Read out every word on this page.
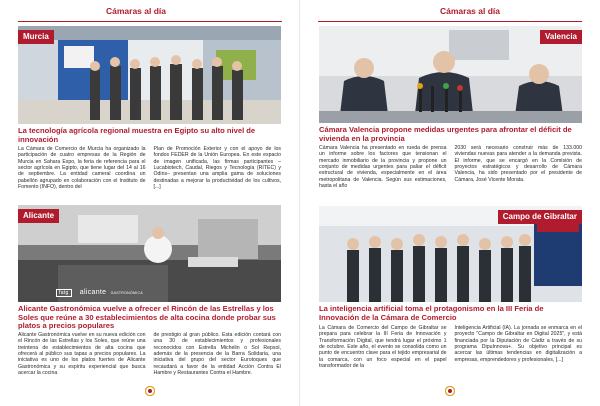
Cámaras al día
Murcia
La tecnología agrícola regional muestra en Egipto su alto nivel de innovación
La Cámara de Comercio de Murcia ha organizado la participación de cuatro empresas de la Región de Murcia en Sahara Expo, la feria de referencia para el sector agrícola en Egipto, que tiene lugar del 14 al 16 de septiembre. La entidad cameral coordina un pabellón agrupado en colaboración con el Instituto de Fomento (INFO), dentro del
Plan de Promoción Exterior y con el apoyo de los fondos FEDER de la Unión Europea. En este espacio de imagen unificada, las firmas participantes –Lucabiotech, Caudal, Riegos y Tecnología (RITEC) y Odins– presentan una amplia gama de soluciones destinadas a mejorar la productividad de los cultivos, [...]
fatg alicante GASTRONÓMICA
Alicante
Alicante Gastronómica vuelve a ofrecer el Rincón de las Estrellas y los Soles que reúne a 30 establecimientos de alta cocina donde probar sus platos a precios populares
Alicante Gastronómica vuelve en su nueva edición con el Rincón de las Estrellas y los Soles, que reúne una treintena de establecimientos de alta cocina que ofrecerá al público sus tapas a precios populares. La iniciativa es uno de los platos fuertes de Alicante Gastronómica y su espíritu experiencial que busca acercar la cocina
de prestigio al gran público. Esta edición contará con una 30 de establecimientos y profesionales reconocidos con Estrella Michelin o Sol Repsol, además de la presencia de la Barra Solidaria, una iniciativa del grupo del sector Eurotoques que recaudará a favor de la entidad Acción Contra El Hambre y Restaurantes Contra el Hambre.
Cámaras al día
Valencia
Cámara Valencia propone medidas urgentes para afrontar el déficit de vivienda en la provincia
Cámara Valencia ha presentado en rueda de prensa un informe sobre los factores que tensionan el mercado inmobiliario de la provincia y propone un conjunto de medidas urgentes para paliar el déficit estructural de vivienda, especialmente en el área metropolitana de Valencia. Según sus estimaciones, hasta el año
2030 será necesario construir más de 133.000 viviendas nuevas para atender a la demanda prevista. El informe, que se encargó en la Comisión de proyectos estratégicos y desarrollo de Cámara Valencia, ha sido presentado por el presidente de Cámara, José Vicente Morata.
Campo de Gibraltar
La inteligencia artificial toma el protagonismo en la III Feria de Innovación de la Cámara de Comercio
La Cámara de Comercio del Campo de Gibraltar se prepara para celebrar la III Feria de Innovación y Transformación Digital, que tendrá lugar el próximo 1 de octubre. Este año, el evento se consolida como un punto de encuentro clave para el tejido empresarial de la comarca, con un foco especial en el papel transformador de la
Inteligencia Artificial (IA). La jornada se enmarca en el proyecto "Campo de Gibraltar en Digital 2025", y está financiada por la Diputación de Cádiz a través de su programa DipuInnova+. Su objetivo principal es acercar las últimas tendencias en digitalización a empresas, emprendedores y profesionales, [...]
